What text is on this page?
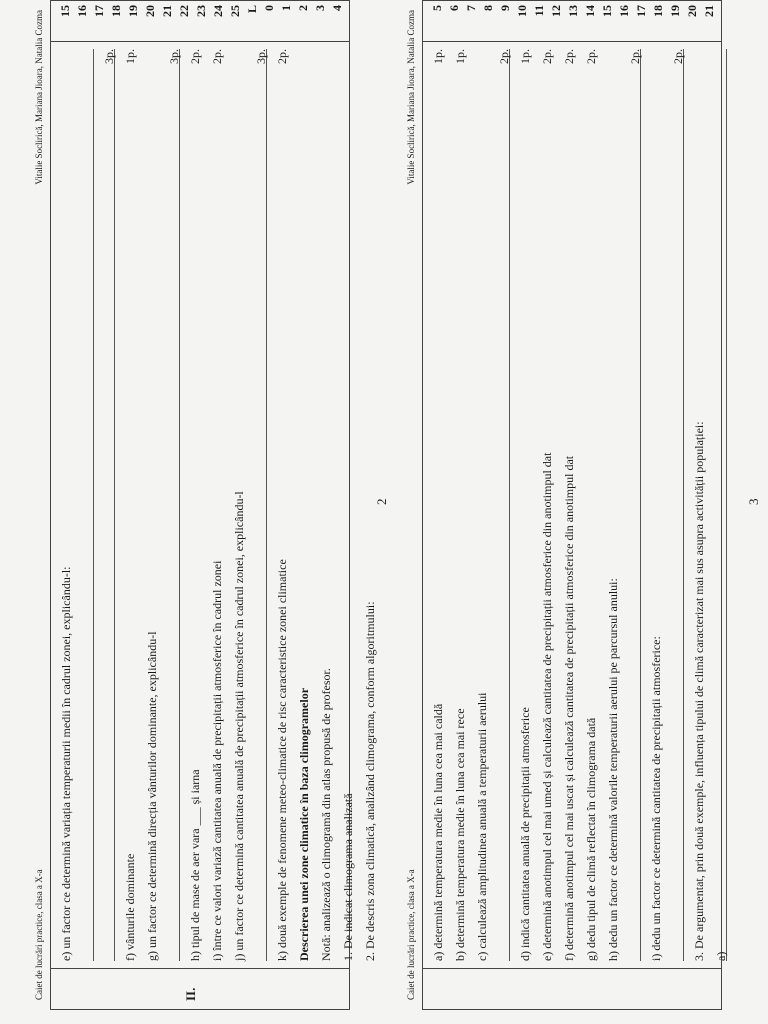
Caiet de lucrări practice, clasa a X-a
Vitalie Socliricǎ, Mariana Jioara, Natalia Cozma
II.
e) un factor ce determină variația temperaturii medii în cadrul zonei, explicându-l:
3p.
f) vânturile dominante
1p.
g) un factor ce determină direcția vânturilor dominante, explicându-l
3p.
h) tipul de mase de aer vara ___ și iarna
2p.
i) între ce valori variază cantitatea anuală de precipitații atmosferice în cadrul zonei
2p.
j) un factor ce determină cantitatea anuală de precipitații atmosferice în cadrul zonei, explicându-l
3p.
k) două exemple de fenomene meteo-climatice de risc caracteristice zonei climatice
2p.
Descrierea unei zone climatice în baza climogramelor Notă: analizează o climogramă din atlas propusă de profesor. 1. De indicat climograma analizată 2. De descris zona climatică, analizând climograma, conform algoritmului:
15 16 17 18 19 20 21 22 23 24 25 L 0 1 2 3 4
2
Caiet de lucrări practice, clasa a X-a
Vitalie Socliricǎ, Mariana Jioara, Natalia Cozma
a) determină temperatura medie în luna cea mai caldă
1p.
b) determină temperatura medie în luna cea mai rece
1p.
c) calculează amplitudinea anuală a temperaturii aerului
2p.
d) indică cantitatea anuală de precipitații atmosferice
1p.
e) determină anotimpul cel mai umed și calculează cantitatea de precipitații atmosferice din anotimpul dat
2p.
f) determină anotimpul cel mai uscat și calculează cantitatea de precipitații atmosferice din anotimpul dat
2p.
g) dedu tipul de climă reflectat în climograma dată
2p.
h) dedu un factor ce determină valorile temperaturii aerului pe parcursul anului:
2p.
i) dedu un factor ce determină cantitatea de precipitații atmosferice:
2p.
3. De argumentat, prin două exemple, influența tipului de climă caracterizat mai sus asupra activității populației: a)
5 6 7 8 9 10 11 12 13 14 15 16 17 18 19 20 21
3
